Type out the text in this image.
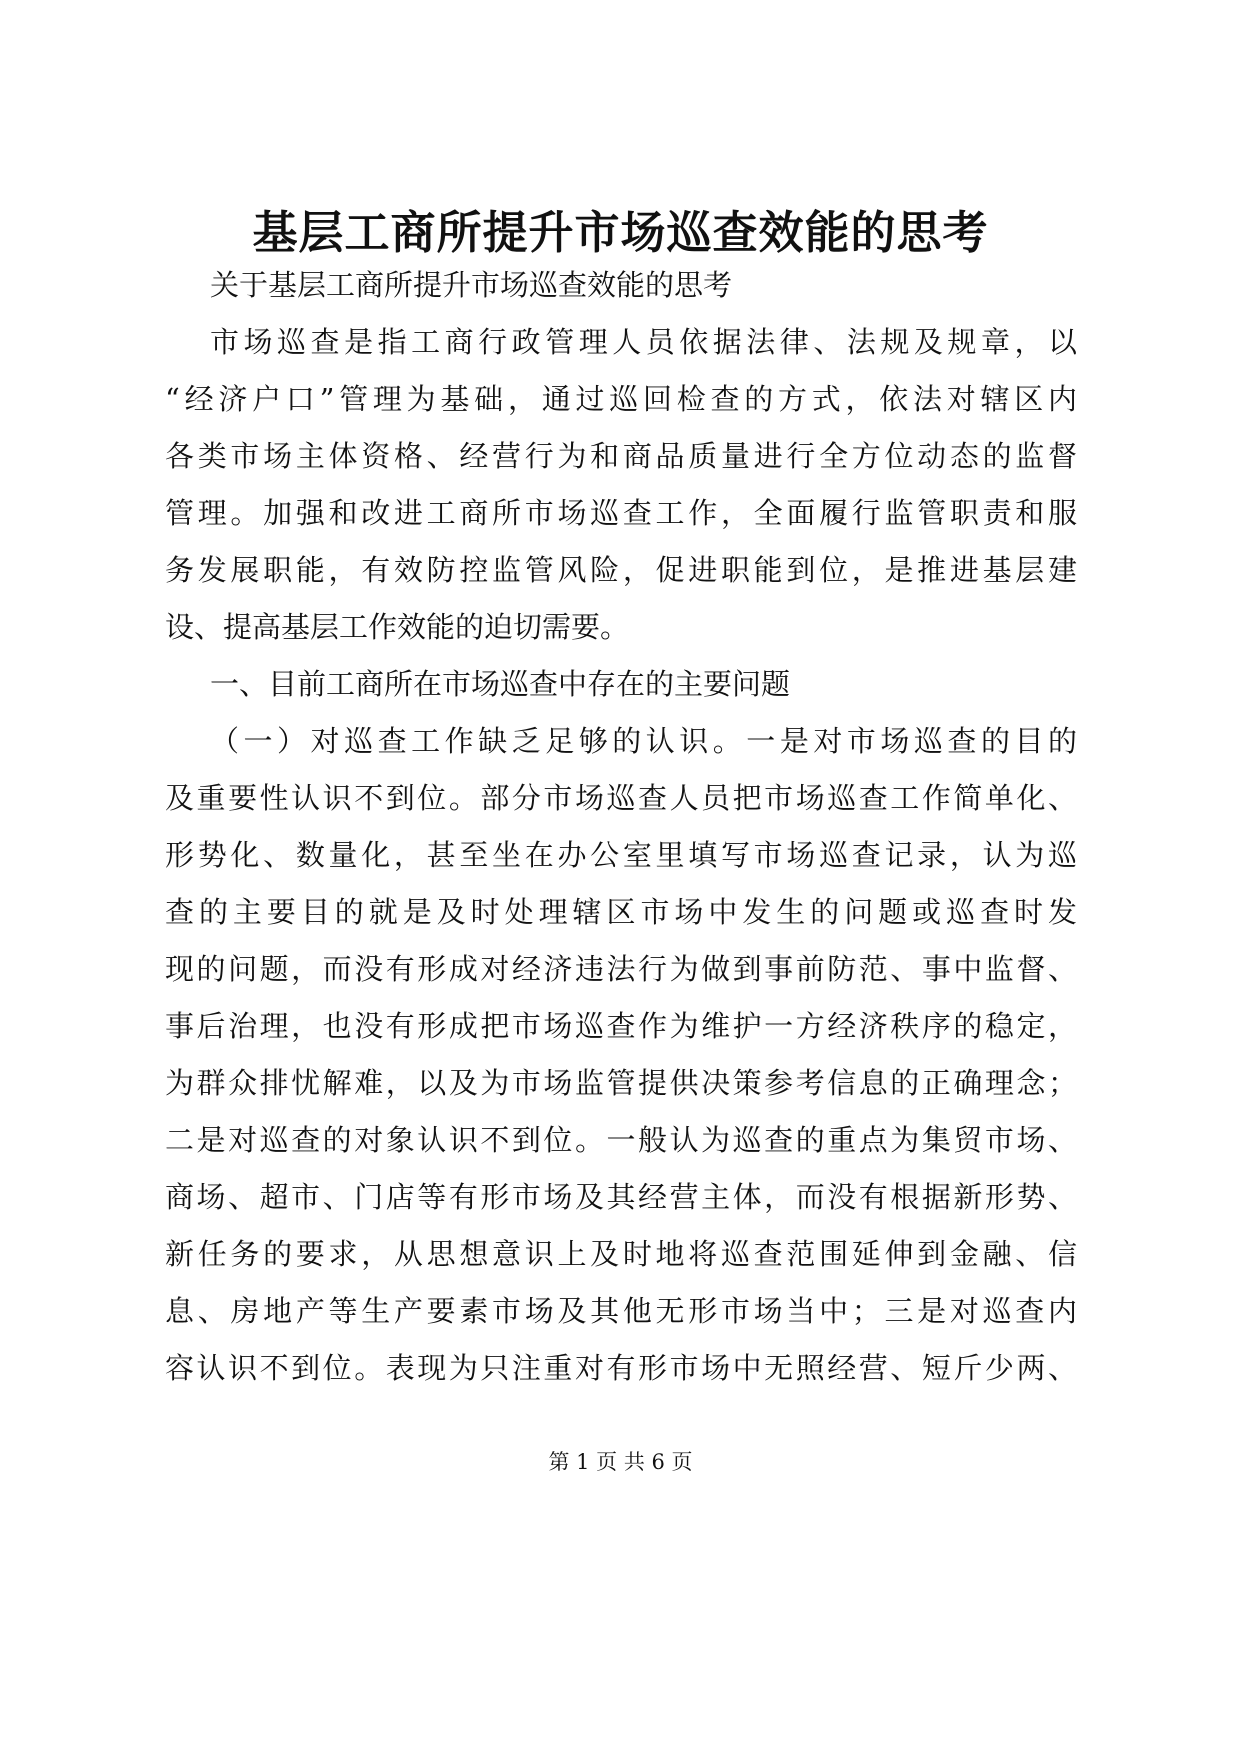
基层工商所提升市场巡查效能的思考
关于基层工商所提升市场巡查效能的思考
市场巡查是指工商行政管理人员依据法律、法规及规章，以
“经济户口”管理为基础，通过巡回检查的方式，依法对辖区内
各类市场主体资格、经营行为和商品质量进行全方位动态的监督
管理。加强和改进工商所市场巡查工作，全面履行监管职责和服
务发展职能，有效防控监管风险，促进职能到位，是推进基层建
设、提高基层工作效能的迫切需要。
一、目前工商所在市场巡查中存在的主要问题
（一）对巡查工作缺乏足够的认识。一是对市场巡查的目的
及重要性认识不到位。部分市场巡查人员把市场巡查工作简单化、
形势化、数量化，甚至坐在办公室里填写市场巡查记录，认为巡
查的主要目的就是及时处理辖区市场中发生的问题或巡查时发
现的问题，而没有形成对经济违法行为做到事前防范、事中监督、
事后治理，也没有形成把市场巡查作为维护一方经济秩序的稳定，
为群众排忧解难，以及为市场监管提供决策参考信息的正确理念；
二是对巡查的对象认识不到位。一般认为巡查的重点为集贸市场、
商场、超市、门店等有形市场及其经营主体，而没有根据新形势、
新任务的要求，从思想意识上及时地将巡查范围延伸到金融、信
息、房地产等生产要素市场及其他无形市场当中；三是对巡查内
容认识不到位。表现为只注重对有形市场中无照经营、短斤少两、
第 1 页 共 6 页
